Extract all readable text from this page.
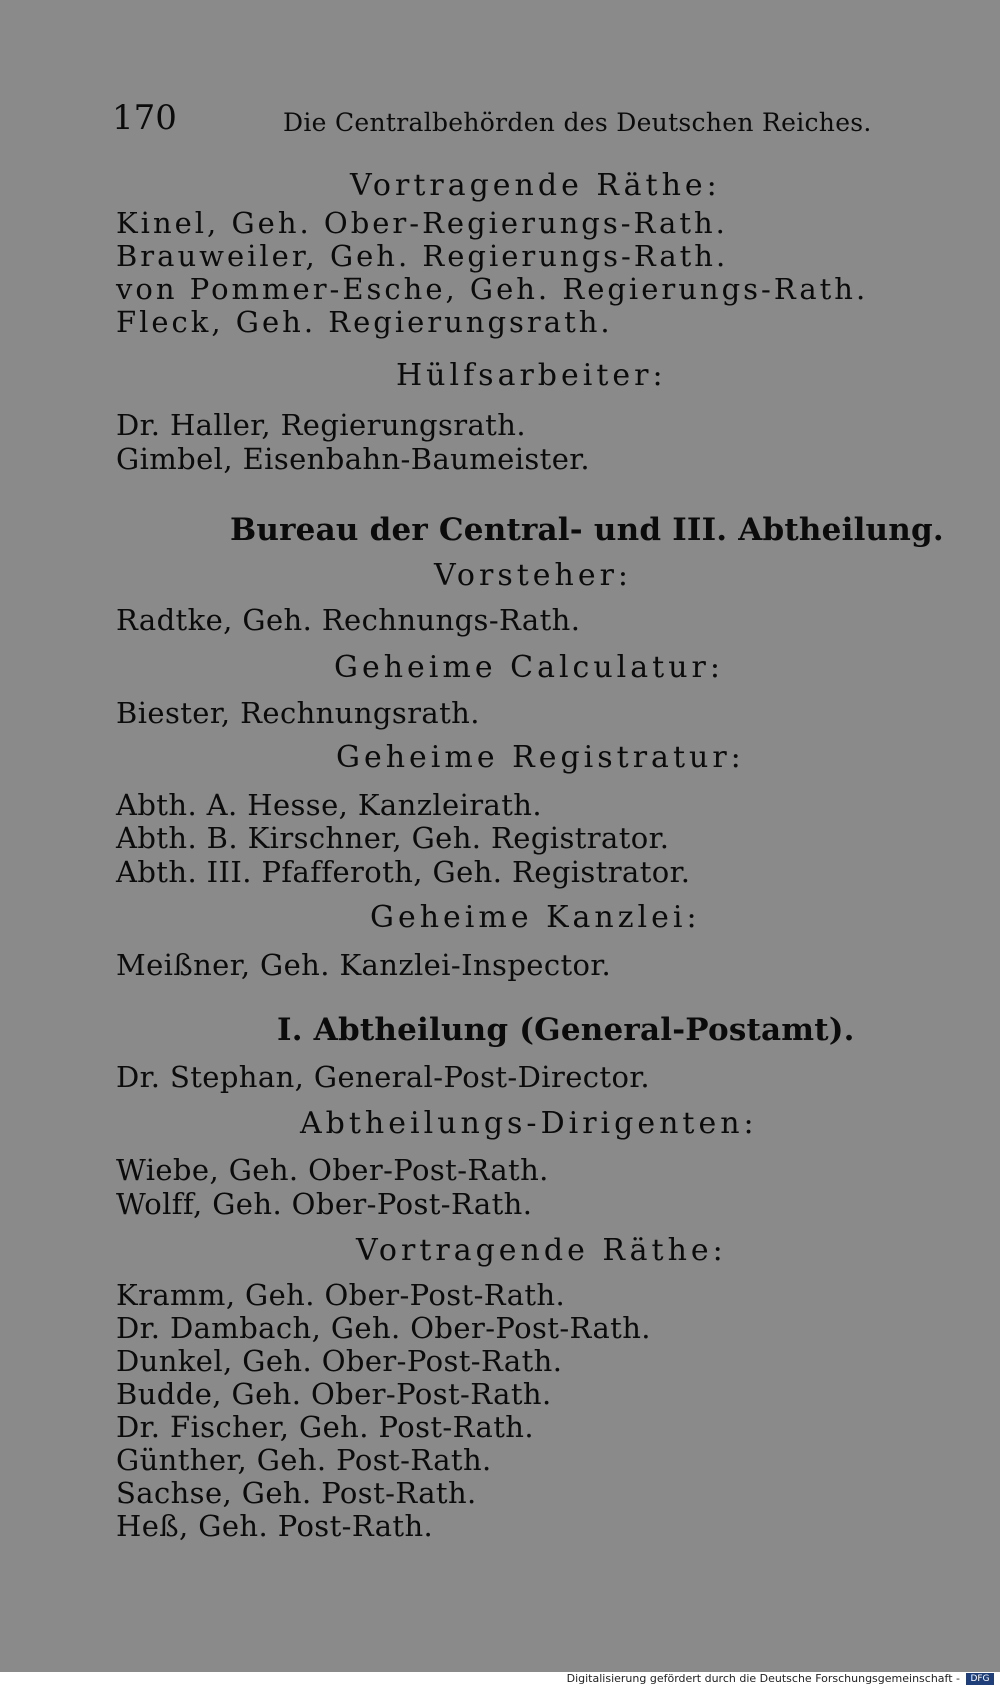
170	Die Centralbehörden des Deutschen Reiches.
Vortragende Räthe:
Kinel, Geh. Ober-Regierungs-Rath.
Brauweiler, Geh. Regierungs-Rath.
von Pommer-Esche, Geh. Regierungs-Rath.
Fleck, Geh. Regierungsrath.
Hülfsarbeiter:
Dr. Haller, Regierungsrath.
Gimbel, Eisenbahn-Baumeister.
Bureau der Central- und III. Abtheilung.
Vorsteher:
Radtke, Geh. Rechnungs-Rath.
Geheime Calculatur:
Biester, Rechnungsrath.
Geheime Registratur:
Abth. A. Hesse, Kanzleirath.
Abth. B. Kirschner, Geh. Registrator.
Abth. III. Pfafferoth, Geh. Registrator.
Geheime Kanzlei:
Meißner, Geh. Kanzlei-Inspector.
I. Abtheilung (General-Postamt).
Dr. Stephan, General-Post-Director.
Abtheilungs-Dirigenten:
Wiebe, Geh. Ober-Post-Rath.
Wolff, Geh. Ober-Post-Rath.
Vortragende Räthe:
Kramm, Geh. Ober-Post-Rath.
Dr. Dambach, Geh. Ober-Post-Rath.
Dunkel, Geh. Ober-Post-Rath.
Budde, Geh. Ober-Post-Rath.
Dr. Fischer, Geh. Post-Rath.
Günther, Geh. Post-Rath.
Sachse, Geh. Post-Rath.
Heß, Geh. Post-Rath.
Digitalisierung gefördert durch die Deutsche Forschungsgemeinschaft -	DFG
